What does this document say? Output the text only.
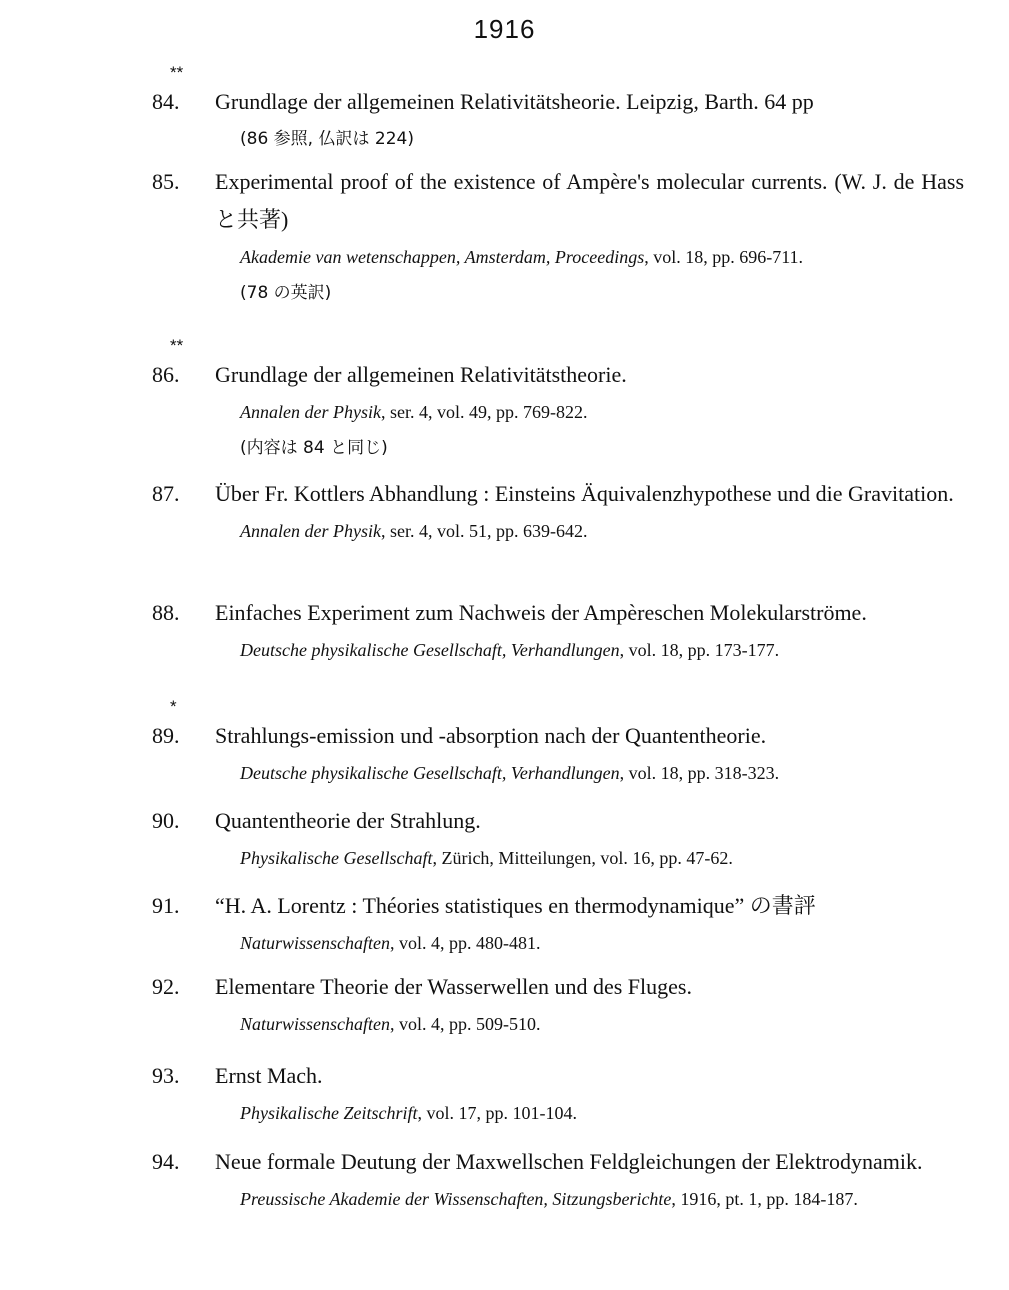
1916
84.
**
Grundlage der allgemeinen Relativitätsheorie. Leipzig, Barth. 64 pp
(86 参照, 仏訳は 224)
85.	Experimental proof of the existence of Ampère's molecular currents. (W. J. de Hass と共著)
Akademie van wetenschappen, Amsterdam, Proceedings, vol. 18, pp. 696-711.
(78 の英訳)
86.
**
Grundlage der allgemeinen Relativitätstheorie.
Annalen der Physik, ser. 4, vol. 49, pp. 769-822.
(内容は 84 と同じ)
87.	Über Fr. Kottlers Abhandlung : Einsteins Äquivalenzhypothese und die Gravitation.
Annalen der Physik, ser. 4, vol. 51, pp. 639-642.
88.	Einfaches Experiment zum Nachweis der Ampèreschen Molekularströme.
Deutsche physikalische Gesellschaft, Verhandlungen, vol. 18, pp. 173-177.
89.
*
Strahlungs-emission und -absorption nach der Quantentheorie.
Deutsche physikalische Gesellschaft, Verhandlungen, vol. 18, pp. 318-323.
90.	Quantentheorie der Strahlung.
Physikalische Gesellschaft, Zürich, Mitteilungen, vol. 16, pp. 47-62.
91.	“H. A. Lorentz : Théories statistiques en thermodynamique” の書評
Naturwissenschaften, vol. 4, pp. 480-481.
92.	Elementare Theorie der Wasserwellen und des Fluges.
Naturwissenschaften, vol. 4, pp. 509-510.
93.	Ernst Mach.
Physikalische Zeitschrift, vol. 17, pp. 101-104.
94.	Neue formale Deutung der Maxwellschen Feldgleichungen der Elektrodynamik.
Preussische Akademie der Wissenschaften, Sitzungsberichte, 1916, pt. 1, pp. 184-187.
